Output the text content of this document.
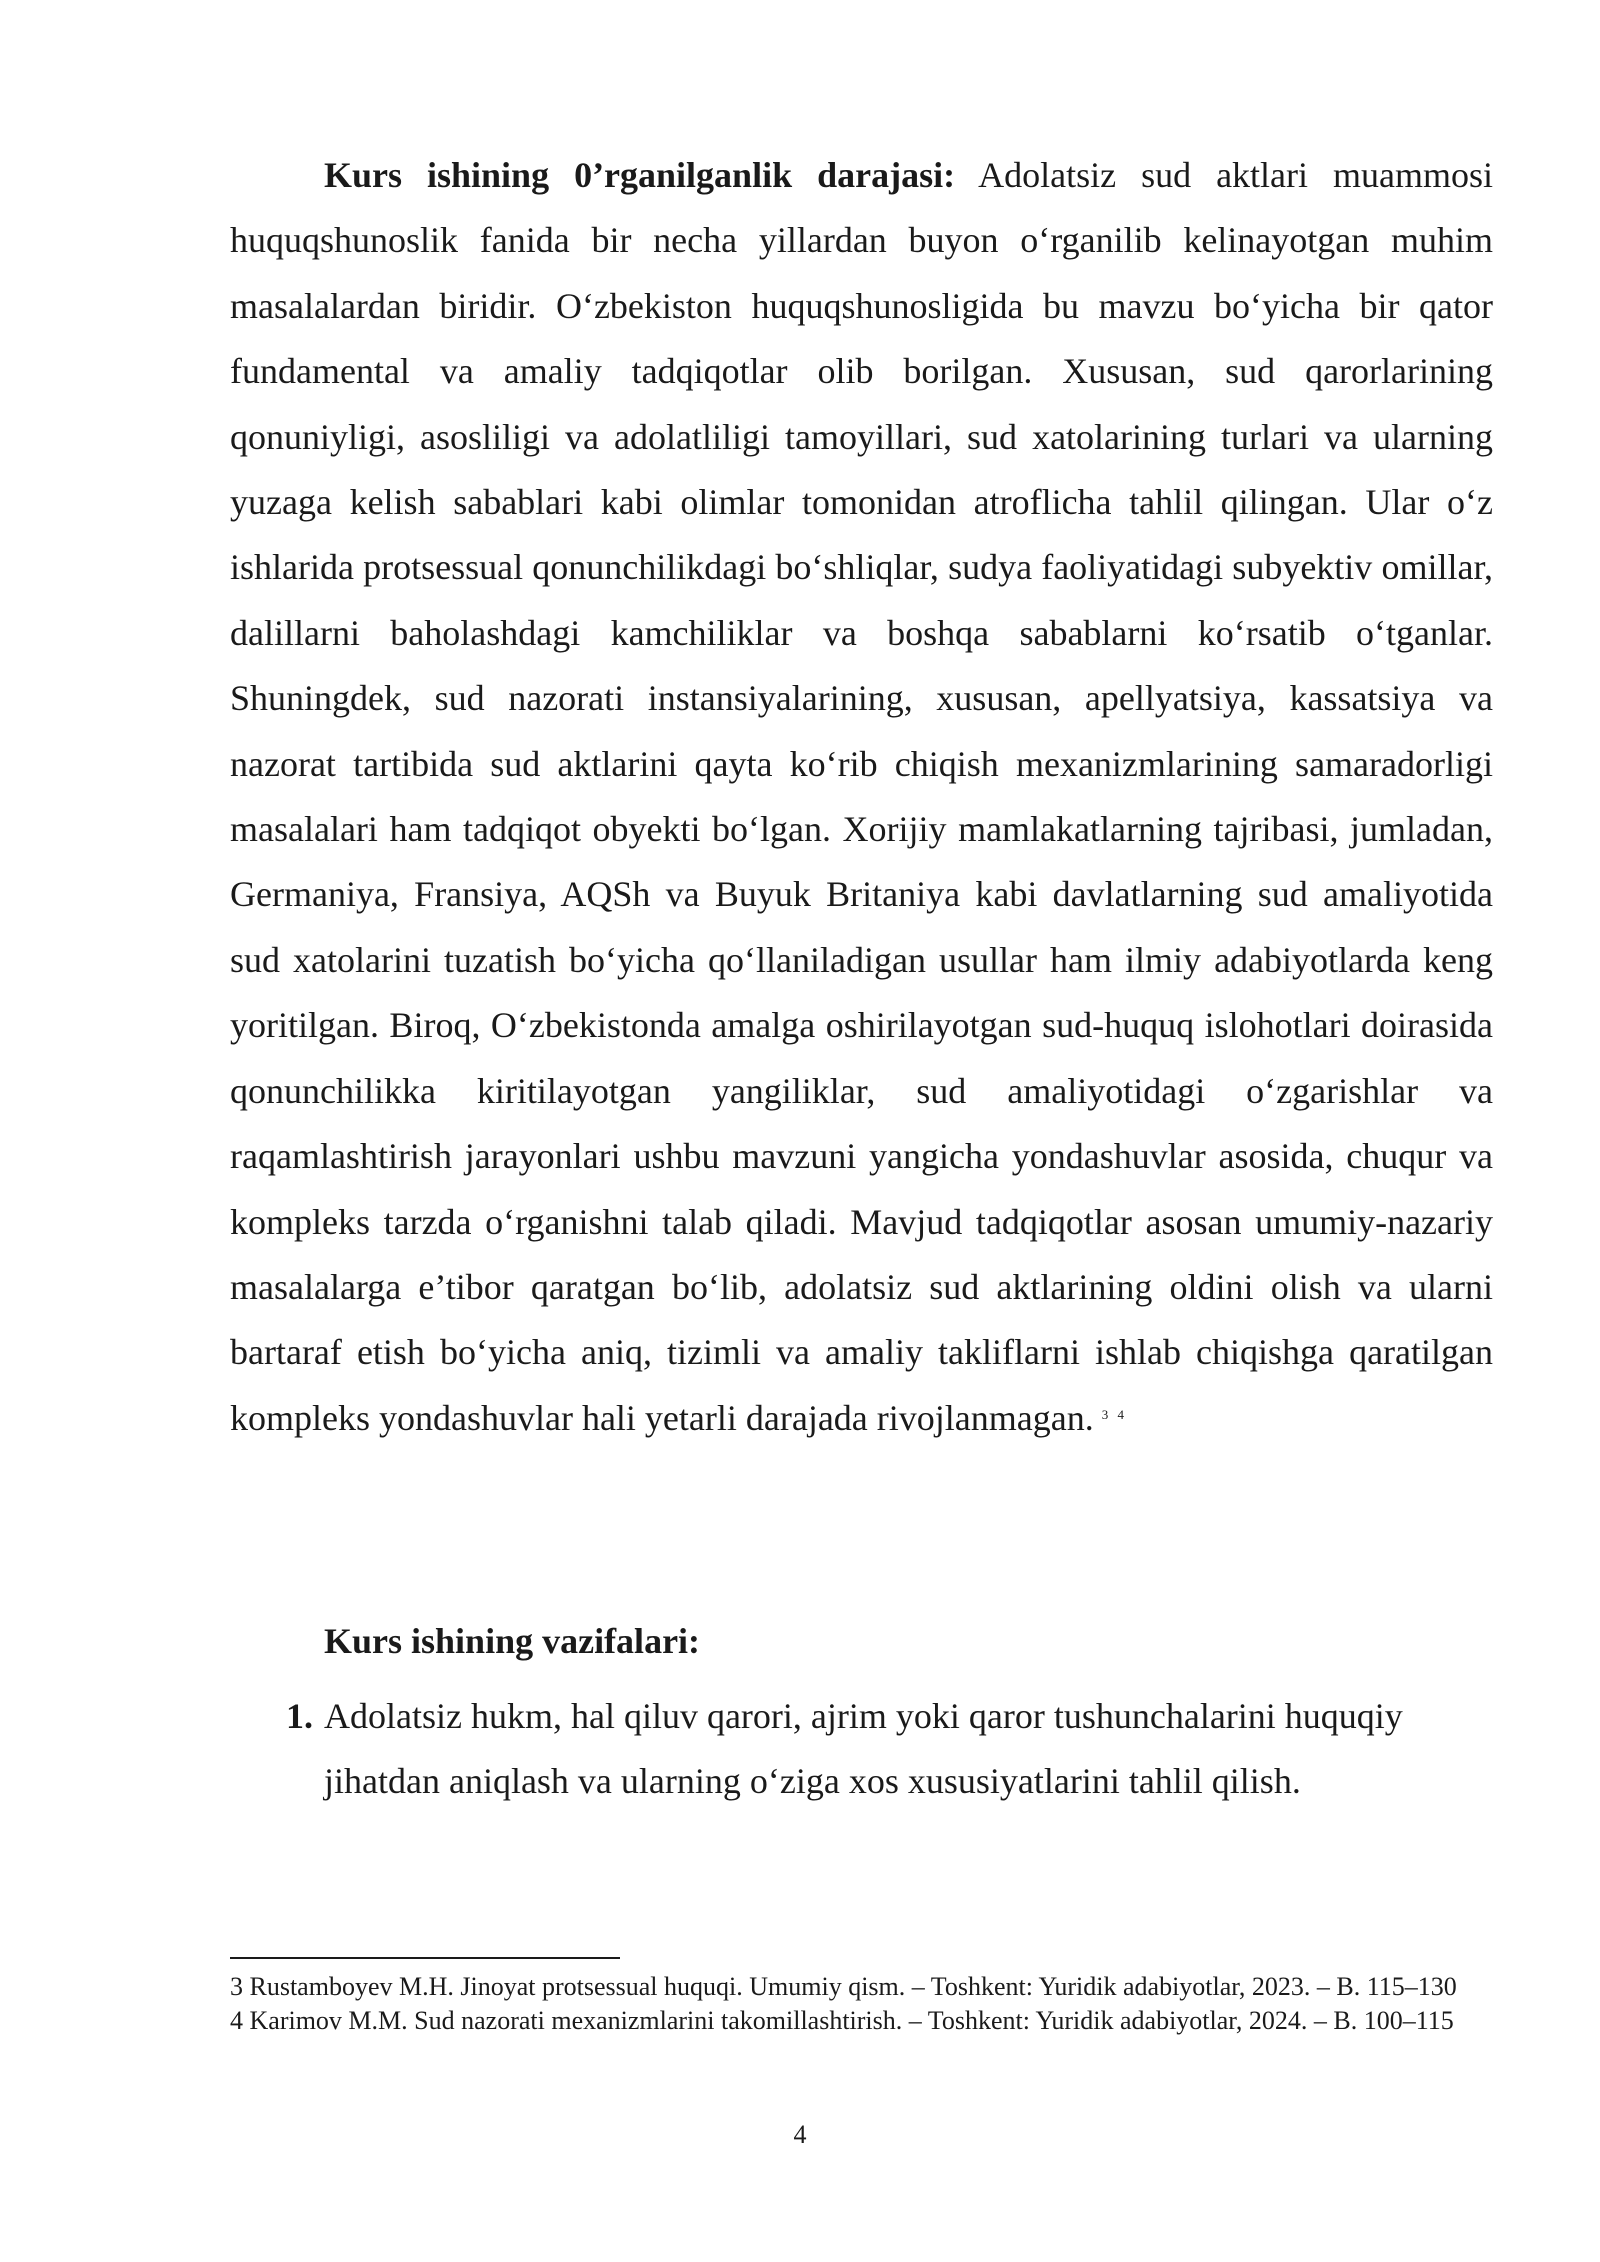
Kurs ishining 0’rganilganlik darajasi: Adolatsiz sud aktlari muammosi huquqshunoslik fanida bir necha yillardan buyon o‘rganilib kelinayotgan muhim masalalardan biridir. O‘zbekiston huquqshunosligida bu mavzu bo‘yicha bir qator fundamental va amaliy tadqiqotlar olib borilgan. Xususan, sud qarorlarining qonuniyligi, asosliligi va adolatliligi tamoyillari, sud xatolarining turlari va ularning yuzaga kelish sabablari kabi olimlar tomonidan atroflicha tahlil qilingan. Ular o‘z ishlarida protsessual qonunchilikdagi bo‘shliqlar, sudya faoliyatidagi subyektiv omillar, dalillarni baholashdagi kamchiliklar va boshqa sabablarni ko‘rsatib o‘tganlar. Shuningdek, sud nazorati instansiyalarining, xususan, apellyatsiya, kassatsiya va nazorat tartibida sud aktlarini qayta ko‘rib chiqish mexanizmlarining samaradorligi masalalari ham tadqiqot obyekti bo‘lgan. Xorijiy mamlakatlarning tajribasi, jumladan, Germaniya, Fransiya, AQSh va Buyuk Britaniya kabi davlatlarning sud amaliyotida sud xatolarini tuzatish bo‘yicha qo‘llaniladigan usullar ham ilmiy adabiyotlarda keng yoritilgan. Biroq, O‘zbekistonda amalga oshirilayotgan sud-huquq islohotlari doirasida qonunchilikka kiritilayotgan yangiliklar, sud amaliyotidagi o‘zgarishlar va raqamlashtirish jarayonlari ushbu mavzuni yangicha yondashuvlar asosida, chuqur va kompleks tarzda o‘rganishni talab qiladi. Mavjud tadqiqotlar asosan umumiy-nazariy masalalarga e’tibor qaratgan bo‘lib, adolatsiz sud aktlarining oldini olish va ularni bartaraf etish bo‘yicha aniq, tizimli va amaliy takliflarni ishlab chiqishga qaratilgan kompleks yondashuvlar hali yetarli darajada rivojlanmagan. $^{3 4}$

Kurs ishining vazifalari:
1. Adolatsiz hukm, hal qiluv qarori, ajrim yoki qaror tushunchalarini huquqiy jihatdan aniqlash va ularning o‘ziga xos xususiyatlarini tahlil qilish.

3 Rustamboyev M.H. Jinoyat protsessual huquqi. Umumiy qism. – Toshkent: Yuridik adabiyotlar, 2023. – B. 115–130

4 Karimov M.M. Sud nazorati mexanizmlarini takomillashtirish. – Toshkent: Yuridik adabiyotlar, 2024. – B. 100–115

4
